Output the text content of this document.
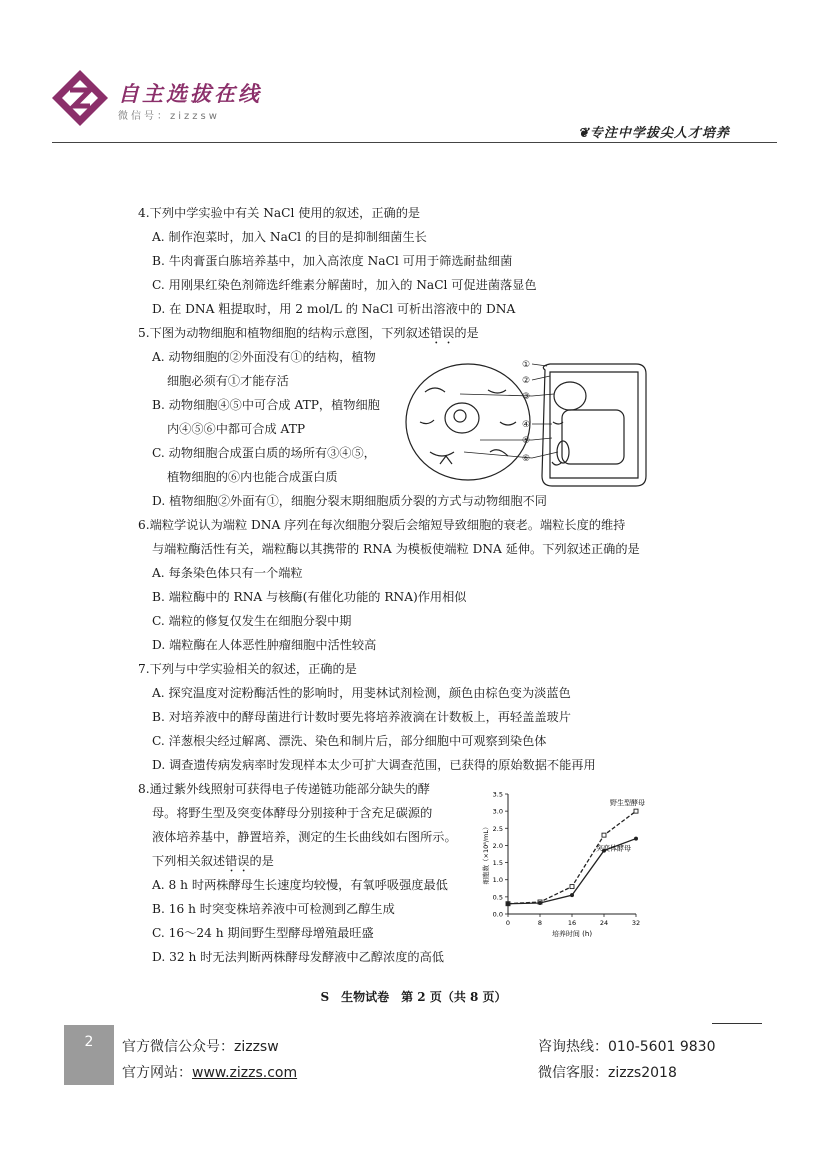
自主选拔在线
微信号：zizzsw
❦专注中学拔尖人才培养
4.下列中学实验中有关 NaCl 使用的叙述，正确的是
A. 制作泡菜时，加入 NaCl 的目的是抑制细菌生长
B. 牛肉膏蛋白胨培养基中，加入高浓度 NaCl 可用于筛选耐盐细菌
C. 用刚果红染色剂筛选纤维素分解菌时，加入的 NaCl 可促进菌落显色
D. 在 DNA 粗提取时，用 2 mol/L 的 NaCl 可析出溶液中的 DNA
5.下图为动物细胞和植物细胞的结构示意图，下列叙述错误的是
A. 动物细胞的②外面没有①的结构，植物
细胞必须有①才能存活
B. 动物细胞④⑤中可合成 ATP，植物细胞
内④⑤⑥中都可合成 ATP
C. 动物细胞合成蛋白质的场所有③④⑤，
植物细胞的⑥内也能合成蛋白质
D. 植物细胞②外面有①，细胞分裂末期细胞质分裂的方式与动物细胞不同
①
②
③
④
⑤
⑥
6.端粒学说认为端粒 DNA 序列在每次细胞分裂后会缩短导致细胞的衰老。端粒长度的维持
与端粒酶活性有关，端粒酶以其携带的 RNA 为模板使端粒 DNA 延伸。下列叙述正确的是
A. 每条染色体只有一个端粒
B. 端粒酶中的 RNA 与核酶(有催化功能的 RNA)作用相似
C. 端粒的修复仅发生在细胞分裂中期
D. 端粒酶在人体恶性肿瘤细胞中活性较高
7.下列与中学实验相关的叙述，正确的是
A. 探究温度对淀粉酶活性的影响时，用斐林试剂检测，颜色由棕色变为淡蓝色
B. 对培养液中的酵母菌进行计数时要先将培养液滴在计数板上，再轻盖盖玻片
C. 洋葱根尖经过解离、漂洗、染色和制片后，部分细胞中可观察到染色体
D. 调查遗传病发病率时发现样本太少可扩大调查范围，已获得的原始数据不能再用
8.通过紫外线照射可获得电子传递链功能部分缺失的酵
母。将野生型及突变体酵母分别接种于含充足碳源的
液体培养基中，静置培养，测定的生长曲线如右图所示。
下列相关叙述错误的是
A. 8 h 时两株酵母生长速度均较慢，有氧呼吸强度最低
B. 16 h 时突变株培养液中可检测到乙醇生成
C. 16～24 h 期间野生型酵母增殖最旺盛
D. 32 h 时无法判断两株酵母发酵液中乙醇浓度的高低
0.0
0.5
1.0
1.5
2.0
2.5
3.0
3.5
0	8	16	24	32
培养时间 (h)
细胞数（×10⁸/mL）
野生型酵母
突变体酵母
S　生物试卷　第 2 页（共 8 页）
2	官方微信公众号：zizzsw
官方网站：www.zizzs.com
咨询热线：010-5601 9830
微信客服：zizzs2018
